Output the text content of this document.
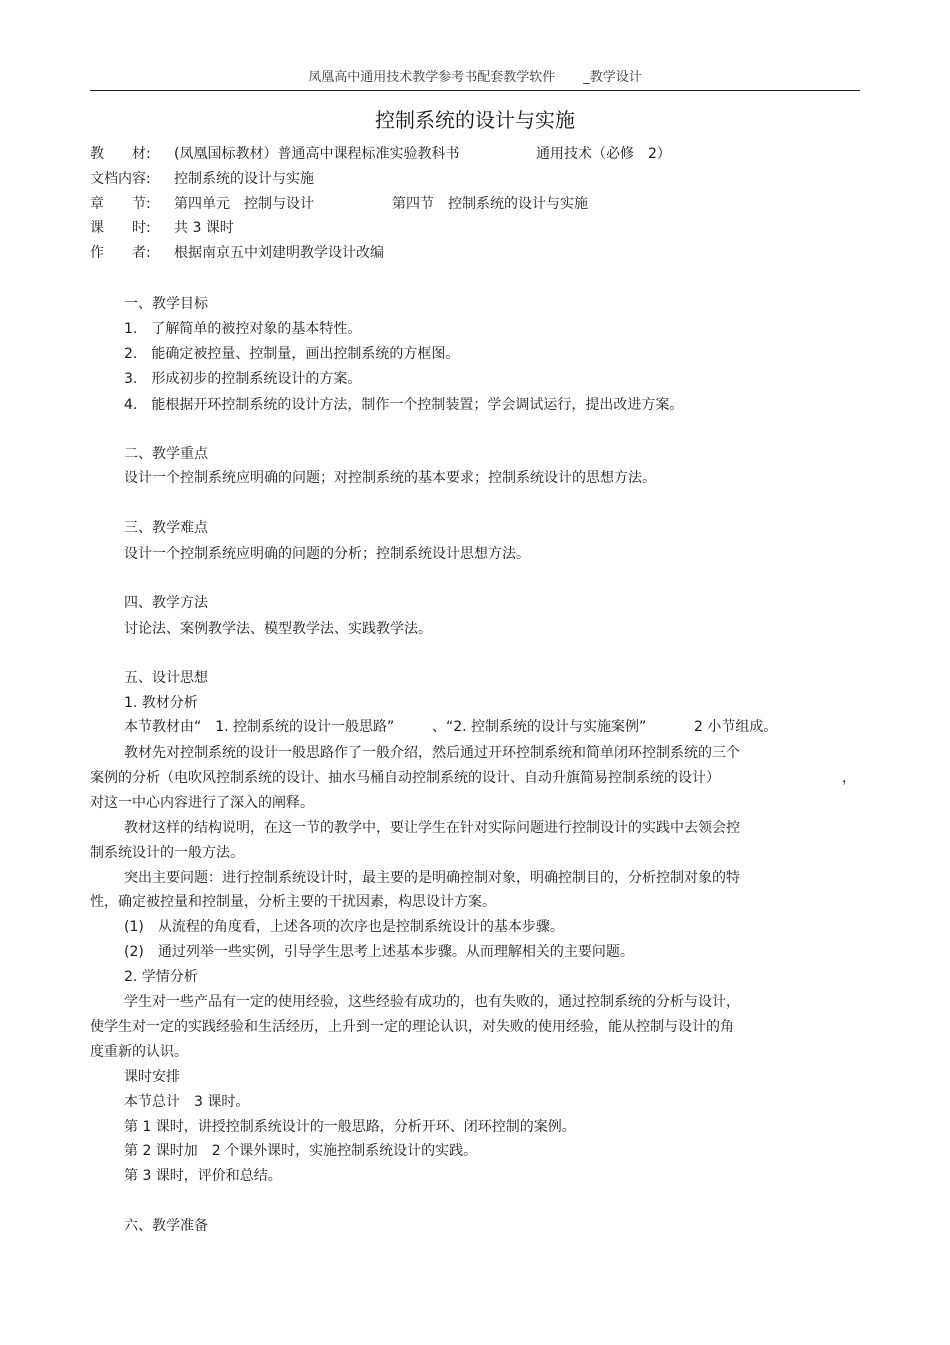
凤凰高中通用技术教学参考书配套教学软件 _教学设计
控制系统的设计与实施
教　　材: (凤凰国标教材）普通高中课程标准实验教科书	通用技术（必修　2）
文档内容: 控制系统的设计与实施
章　　节: 第四单元　控制与设计	第四节　控制系统的设计与实施
课　　时: 共 3 课时
作　　者: 根据南京五中刘建明教学设计改编
一、教学目标
1.　了解简单的被控对象的基本特性。
2.　能确定被控量、控制量，画出控制系统的方框图。
3.　形成初步的控制系统设计的方案。
4.　能根据开环控制系统的设计方法，制作一个控制装置；学会调试运行，提出改进方案。
二、教学重点
设计一个控制系统应明确的问题；对控制系统的基本要求；控制系统设计的思想方法。
三、教学难点
设计一个控制系统应明确的问题的分析；控制系统设计思想方法。
四、教学方法
讨论法、案例教学法、模型教学法、实践教学法。
五、设计思想
1. 教材分析
本节教材由“　1. 控制系统的设计一般思路”	、“2. 控制系统的设计与实施案例”	2 小节组成。
教材先对控制系统的设计一般思路作了一般介绍，然后通过开环控制系统和简单闭环控制系统的三个
案例的分析（电吹风控制系统的设计、抽水马桶自动控制系统的设计、自动升旗简易控制系统的设计）	，
对这一中心内容进行了深入的阐释。
教材这样的结构说明，在这一节的教学中，要让学生在针对实际问题进行控制设计的实践中去领会控
制系统设计的一般方法。
突出主要问题：进行控制系统设计时，最主要的是明确控制对象，明确控制目的，分析控制对象的特
性，确定被控量和控制量，分析主要的干扰因素，构思设计方案。
(1)　从流程的角度看，上述各项的次序也是控制系统设计的基本步骤。
(2)　通过列举一些实例，引导学生思考上述基本步骤。从而理解相关的主要问题。
2. 学情分析
学生对一些产品有一定的使用经验，这些经验有成功的，也有失败的，通过控制系统的分析与设计，
使学生对一定的实践经验和生活经历，上升到一定的理论认识，对失败的使用经验，能从控制与设计的角
度重新的认识。
课时安排
本节总计　3 课时。
第 1 课时，讲授控制系统设计的一般思路，分析开环、闭环控制的案例。
第 2 课时加　2 个课外课时，实施控制系统设计的实践。
第 3 课时，评价和总结。
六、教学准备
